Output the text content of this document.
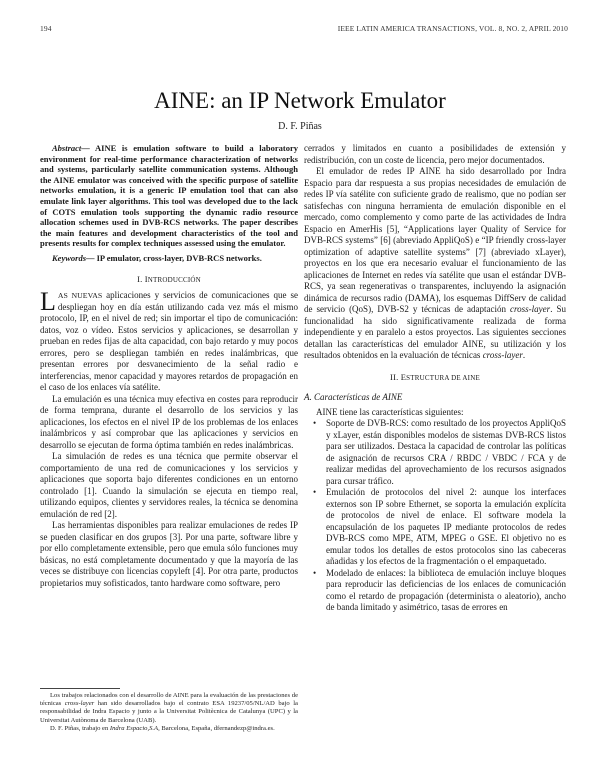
194	IEEE LATIN AMERICA TRANSACTIONS, VOL. 8, NO. 2, APRIL 2010
AINE: an IP Network Emulator
D. F. Piñas

Abstract— AINE is emulation software to build a laboratory environment for real-time performance characterization of networks and systems, particularly satellite communication systems. Although the AINE emulator was conceived with the specific purpose of satellite networks emulation, it is a generic IP emulation tool that can also emulate link layer algorithms. This tool was developed due to the lack of COTS emulation tools supporting the dynamic radio resource allocation schemes used in DVB-RCS networks. The paper describes the main features and development characteristics of the tool and presents results for complex techniques assessed using the emulator.

Keywords— IP emulator, cross-layer, DVB-RCS networks.

I. INTRODUCCIÓN

LAS NUEVAS aplicaciones y servicios de comunicaciones que se despliegan hoy en día están utilizando cada vez más el mismo protocolo, IP, en el nivel de red; sin importar el tipo de comunicación: datos, voz o vídeo. Estos servicios y aplicaciones, se desarrollan y prueban en redes fijas de alta capacidad, con bajo retardo y muy pocos errores, pero se despliegan también en redes inalámbricas, que presentan errores por desvanecimiento de la señal radio e interferencias, menor capacidad y mayores retardos de propagación en el caso de los enlaces vía satélite.

La emulación es una técnica muy efectiva en costes para reproducir de forma temprana, durante el desarrollo de los servicios y las aplicaciones, los efectos en el nivel IP de los problemas de los enlaces inalámbricos y así comprobar que las aplicaciones y servicios en desarrollo se ejecutan de forma óptima también en redes inalámbricas.

La simulación de redes es una técnica que permite observar el comportamiento de una red de comunicaciones y los servicios y aplicaciones que soporta bajo diferentes condiciones en un entorno controlado [1]. Cuando la simulación se ejecuta en tiempo real, utilizando equipos, clientes y servidores reales, la técnica se denomina emulación de red [2].

Las herramientas disponibles para realizar emulaciones de redes IP se pueden clasificar en dos grupos [3]. Por una parte, software libre y por ello completamente extensible, pero que emula sólo funciones muy básicas, no está completamente documentado y que la mayoría de las veces se distribuye con licencias copyleft [4]. Por otra parte, productos propietarios muy sofisticados, tanto hardware como software, pero

Los trabajos relacionados con el desarrollo de AINE para la evaluación de las prestaciones de técnicas cross-layer han sido desarrollados bajo el contrato ESA 19237/05/NL/AD bajo la responsabilidad de Indra Espacio y junto a la Universitat Politècnica de Catalunya (UPC) y la Universitat Autònoma de Barcelona (UAB).

D. F. Piñas, trabajo en Indra Espacio,S.A, Barcelona, España, dfernandezp@indra.es.

cerrados y limitados en cuanto a posibilidades de extensión y redistribución, con un coste de licencia, pero mejor documentados.

El emulador de redes IP AINE ha sido desarrollado por Indra Espacio para dar respuesta a sus propias necesidades de emulación de redes IP vía satélite con suficiente grado de realismo, que no podían ser satisfechas con ninguna herramienta de emulación disponible en el mercado, como complemento y como parte de las actividades de Indra Espacio en AmerHis [5], “Applications layer Quality of Service for DVB-RCS systems” [6] (abreviado AppliQoS) e “IP friendly cross-layer optimization of adaptive satellite systems” [7] (abreviado xLayer), proyectos en los que era necesario evaluar el funcionamiento de las aplicaciones de Internet en redes vía satélite que usan el estándar DVB-RCS, ya sean regenerativas o transparentes, incluyendo la asignación dinámica de recursos radio (DAMA), los esquemas DiffServ de calidad de servicio (QoS), DVB-S2 y técnicas de adaptación cross-layer. Su funcionalidad ha sido significativamente realizada de forma independiente y en paralelo a estos proyectos. Las siguientes secciones detallan las características del emulador AINE, su utilización y los resultados obtenidos en la evaluación de técnicas cross-layer.

II. ESTRUCTURA DE AINE
A. Características de AINE

AINE tiene las características siguientes:

• Soporte de DVB-RCS: como resultado de los proyectos AppliQoS y xLayer, están disponibles modelos de sistemas DVB-RCS listos para ser utilizados. Destaca la capacidad de controlar las políticas de asignación de recursos CRA / RBDC / VBDC / FCA y de realizar medidas del aprovechamiento de los recursos asignados para cursar tráfico.
• Emulación de protocolos del nivel 2: aunque los interfaces externos son IP sobre Ethernet, se soporta la emulación explícita de protocolos de nivel de enlace. El software modela la encapsulación de los paquetes IP mediante protocolos de redes DVB-RCS como MPE, ATM, MPEG o GSE. El objetivo no es emular todos los detalles de estos protocolos sino las cabeceras añadidas y los efectos de la fragmentación o el empaquetado.
• Modelado de enlaces: la biblioteca de emulación incluye bloques para reproducir las deficiencias de los enlaces de comunicación como el retardo de propagación (determinista o aleatorio), ancho de banda limitado y asimétrico, tasas de errores en
